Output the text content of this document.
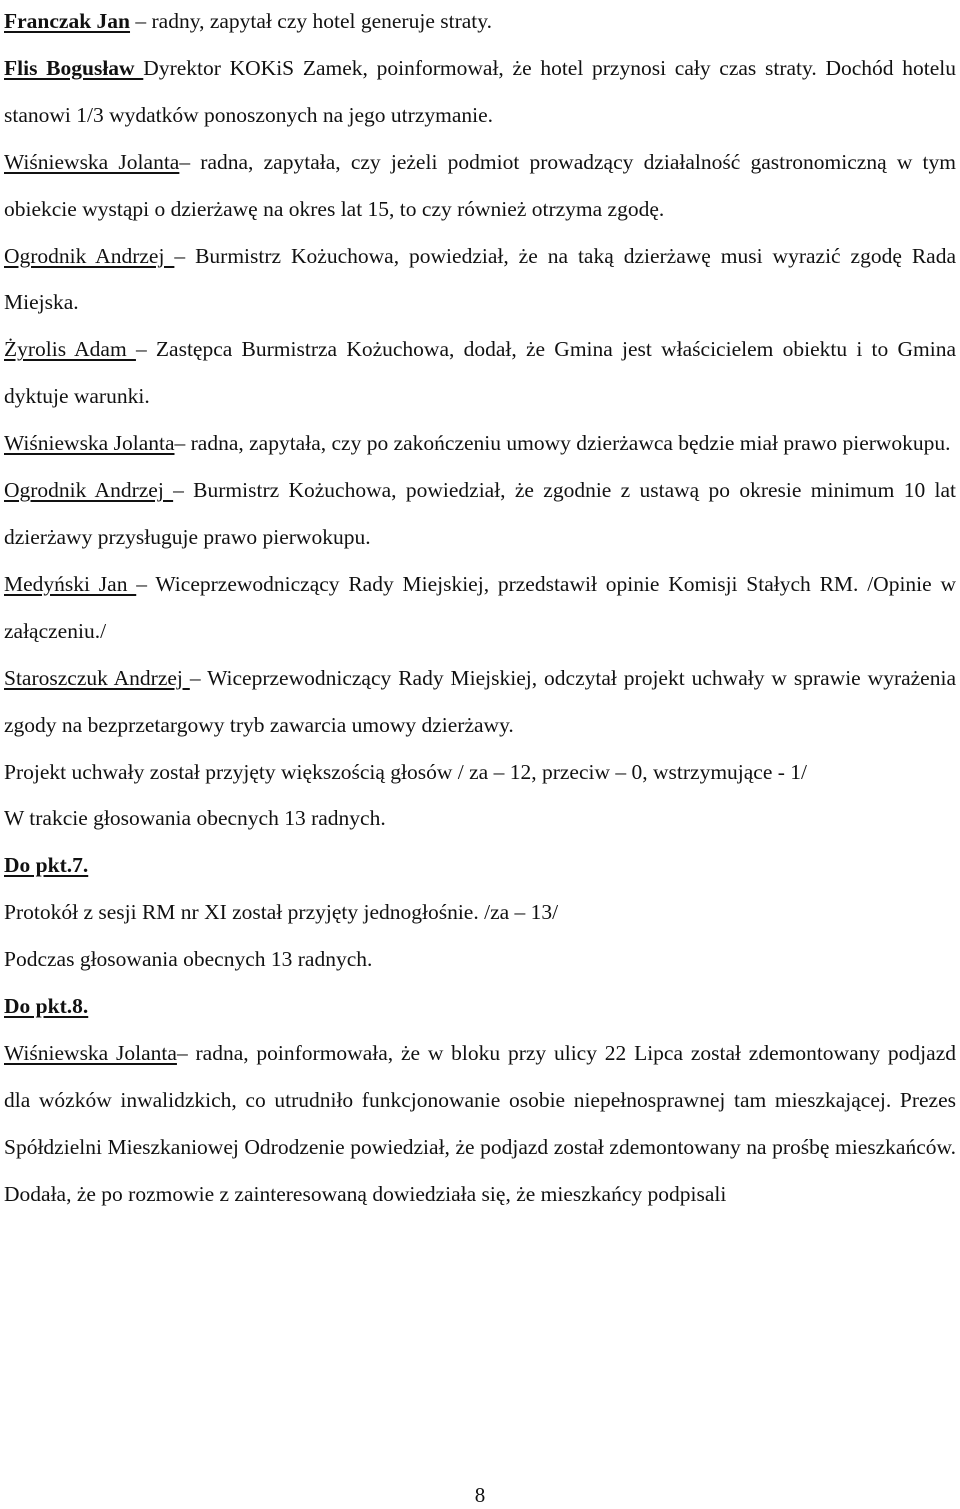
Franczak Jan – radny, zapytał czy hotel generuje straty.

Flis Bogusław Dyrektor KOKiS Zamek, poinformował, że hotel przynosi cały czas straty. Dochód hotelu stanowi 1/3 wydatków ponoszonych na jego utrzymanie.

Wiśniewska Jolanta– radna, zapytała, czy jeżeli podmiot prowadzący działalność gastronomiczną w tym obiekcie wystąpi o dzierżawę na okres lat 15, to czy również otrzyma zgodę.

Ogrodnik Andrzej – Burmistrz Kożuchowa, powiedział, że na taką dzierżawę musi wyrazić zgodę Rada Miejska.

Żyrolis Adam – Zastępca Burmistrza Kożuchowa, dodał, że Gmina jest właścicielem obiektu i to Gmina dyktuje warunki.

Wiśniewska Jolanta– radna, zapytała, czy po zakończeniu umowy dzierżawca będzie miał prawo pierwokupu.

Ogrodnik Andrzej – Burmistrz Kożuchowa, powiedział, że zgodnie z ustawą po okresie minimum 10 lat dzierżawy przysługuje prawo pierwokupu.

Medyński Jan – Wiceprzewodniczący Rady Miejskiej, przedstawił opinie Komisji Stałych RM. /Opinie w załączeniu./

Staroszczuk Andrzej – Wiceprzewodniczący Rady Miejskiej, odczytał projekt uchwały w sprawie wyrażenia zgody na bezprzetargowy tryb zawarcia umowy dzierżawy.

Projekt uchwały został przyjęty większością głosów / za – 12, przeciw – 0, wstrzymujące - 1/

W trakcie głosowania obecnych 13 radnych.

Do pkt.7.

Protokół z sesji RM nr XI został przyjęty jednogłośnie. /za – 13/

Podczas głosowania obecnych 13 radnych.

Do pkt.8.

Wiśniewska Jolanta– radna, poinformowała, że w bloku przy ulicy 22 Lipca został zdemontowany podjazd dla wózków inwalidzkich, co utrudniło funkcjonowanie osobie niepełnosprawnej tam mieszkającej. Prezes Spółdzielni Mieszkaniowej Odrodzenie powiedział, że podjazd został zdemontowany na prośbę mieszkańców. Dodała, że po rozmowie z zainteresowaną dowiedziała się, że mieszkańcy podpisali

8
